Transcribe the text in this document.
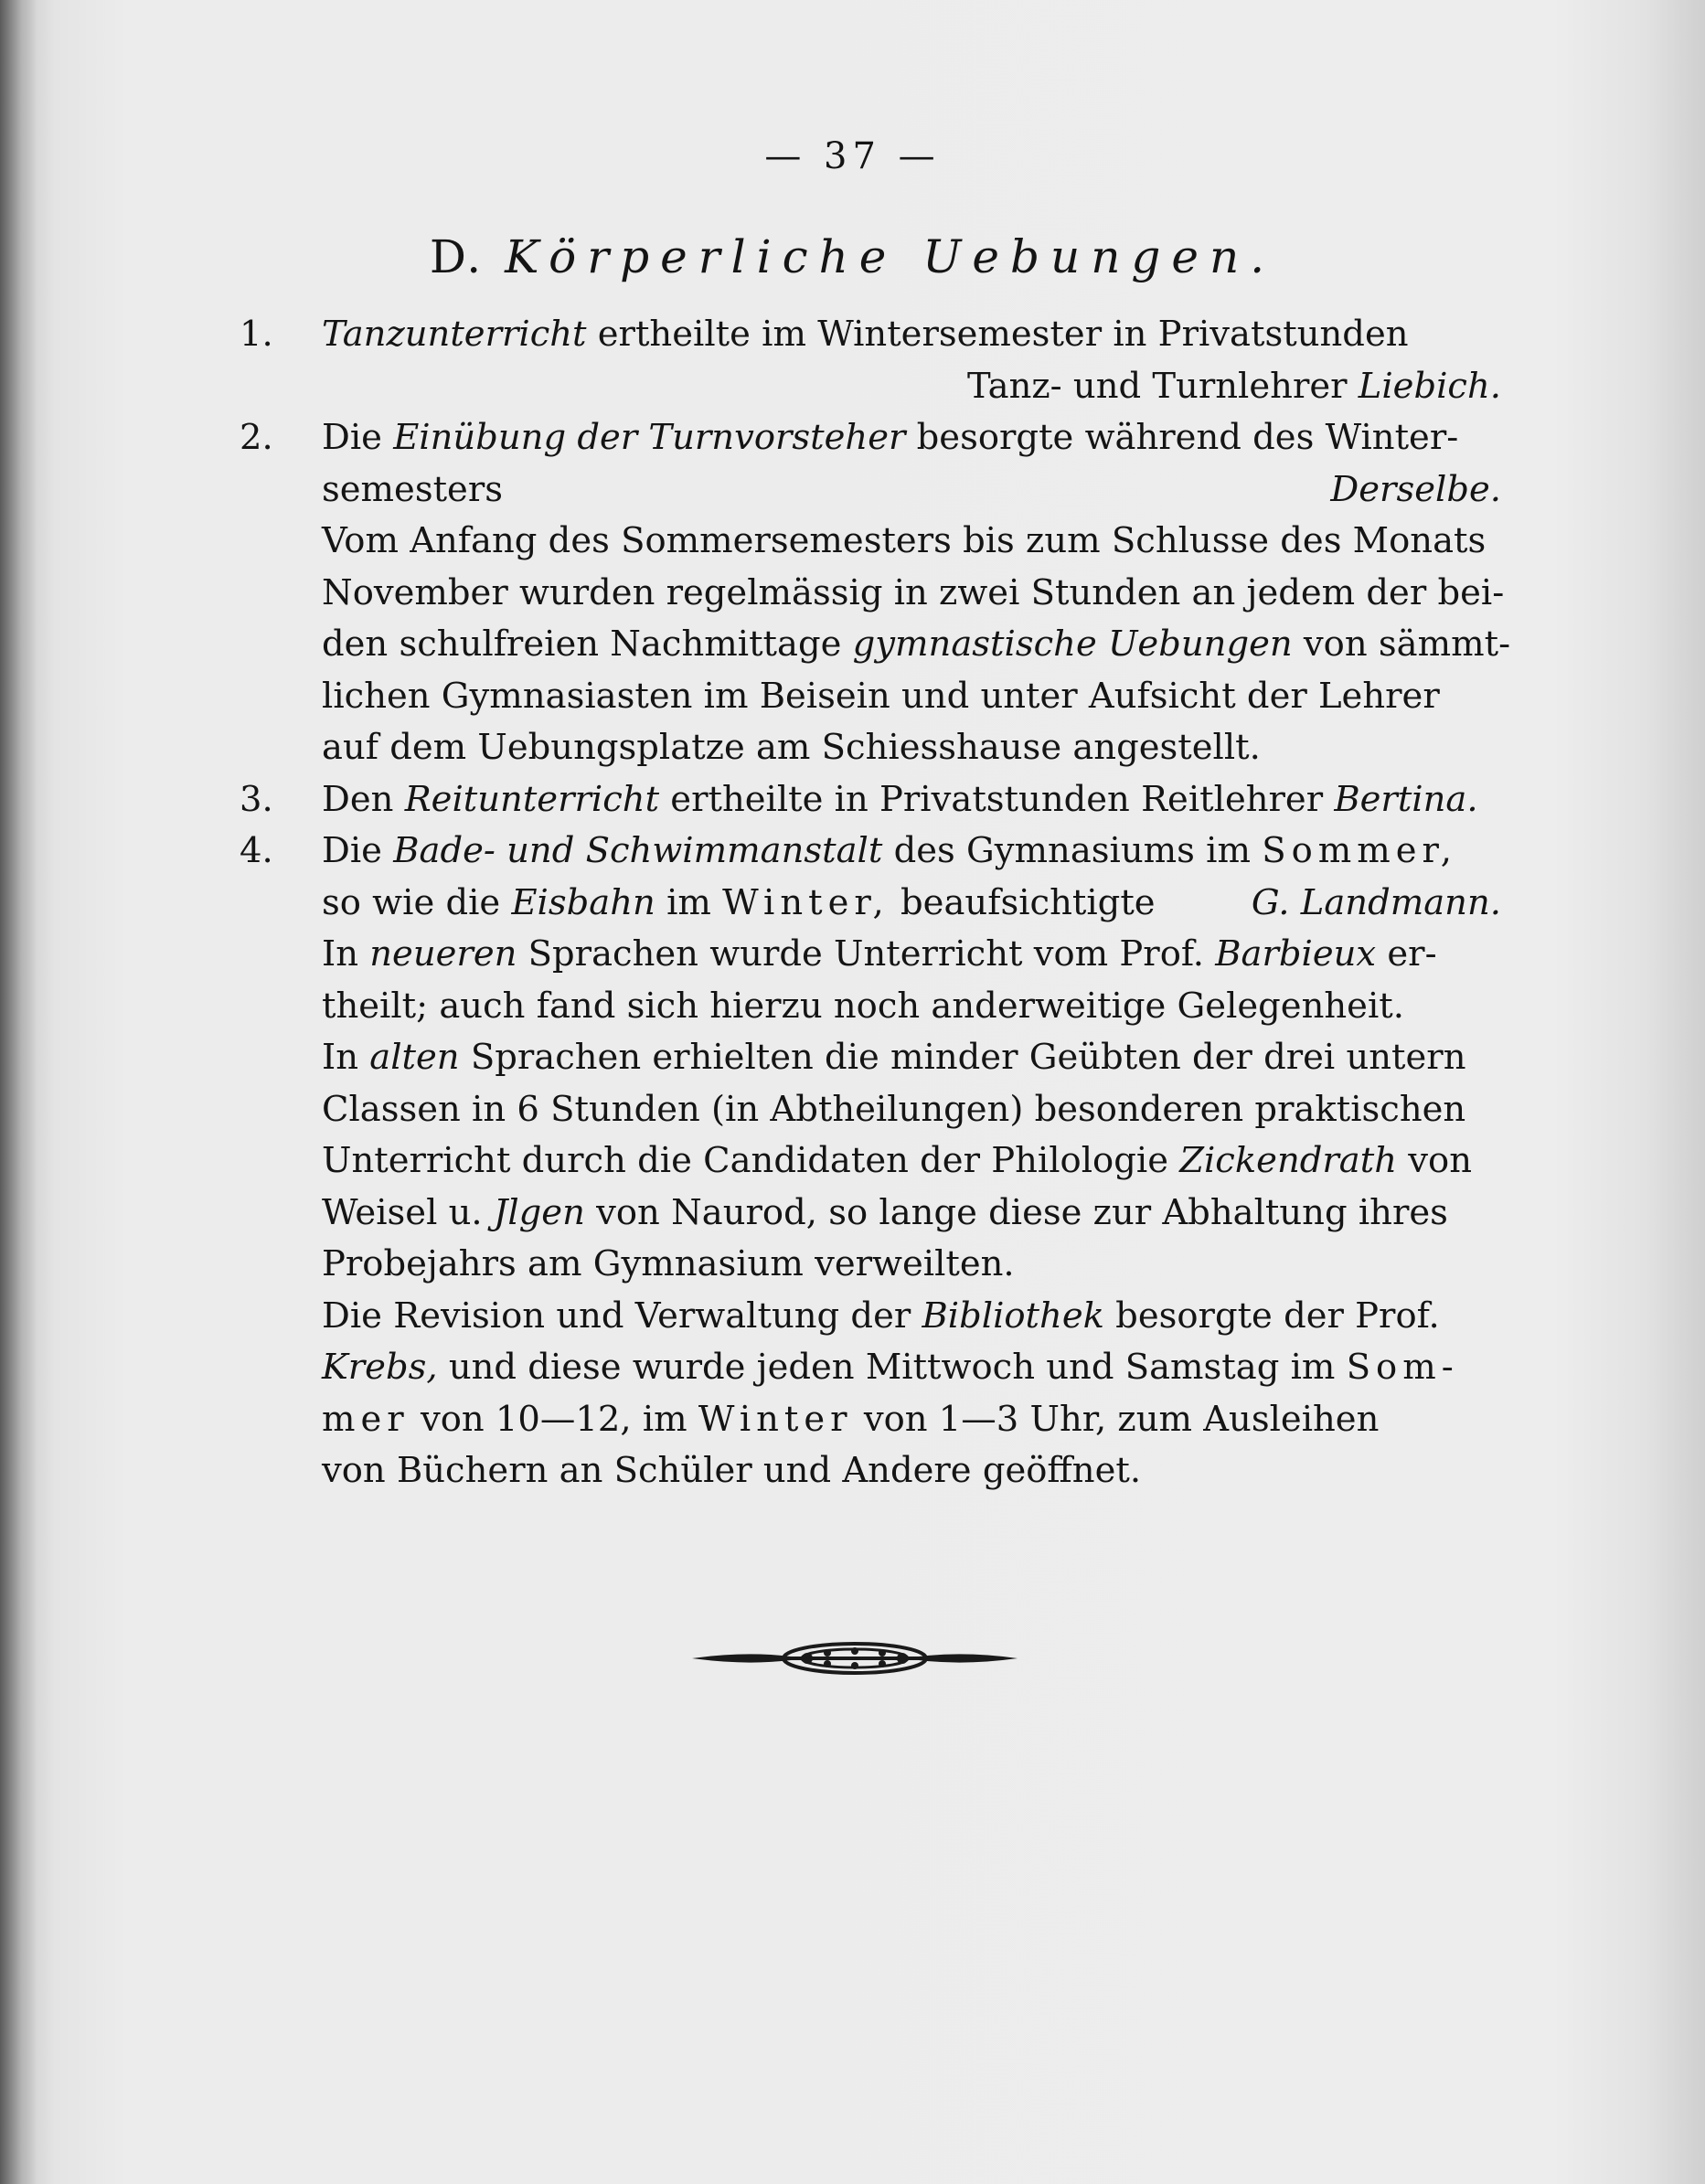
— 37 —
D. Körperliche Uebungen.
1.	Tanzunterricht ertheilte im Wintersemester in Privatstunden
Tanz- und Turnlehrer Liebich.
2.	Die Einübung der Turnvorsteher besorgte während des Winter-
semesters	Derselbe.
Vom Anfang des Sommersemesters bis zum Schlusse des Monats
November wurden regelmässig in zwei Stunden an jedem der bei-
den schulfreien Nachmittage gymnastische Uebungen von sämmt-
lichen Gymnasiasten im Beisein und unter Aufsicht der Lehrer
auf dem Uebungsplatze am Schiesshause angestellt.
3.	Den Reitunterricht ertheilte in Privatstunden Reitlehrer Bertina.
4.	Die Bade- und Schwimmanstalt des Gymnasiums im Sommer,
so wie die Eisbahn im Winter, beaufsichtigte	G. Landmann.
In neueren Sprachen wurde Unterricht vom Prof. Barbieux er-
theilt; auch fand sich hierzu noch anderweitige Gelegenheit.
In alten Sprachen erhielten die minder Geübten der drei untern
Classen in 6 Stunden (in Abtheilungen) besonderen praktischen
Unterricht durch die Candidaten der Philologie Zickendrath von
Weisel u. Jlgen von Naurod, so lange diese zur Abhaltung ihres
Probejahrs am Gymnasium verweilten.
Die Revision und Verwaltung der Bibliothek besorgte der Prof.
Krebs, und diese wurde jeden Mittwoch und Samstag im Som-
mer von 10—12, im Winter von 1—3 Uhr, zum Ausleihen
von Büchern an Schüler und Andere geöffnet.
